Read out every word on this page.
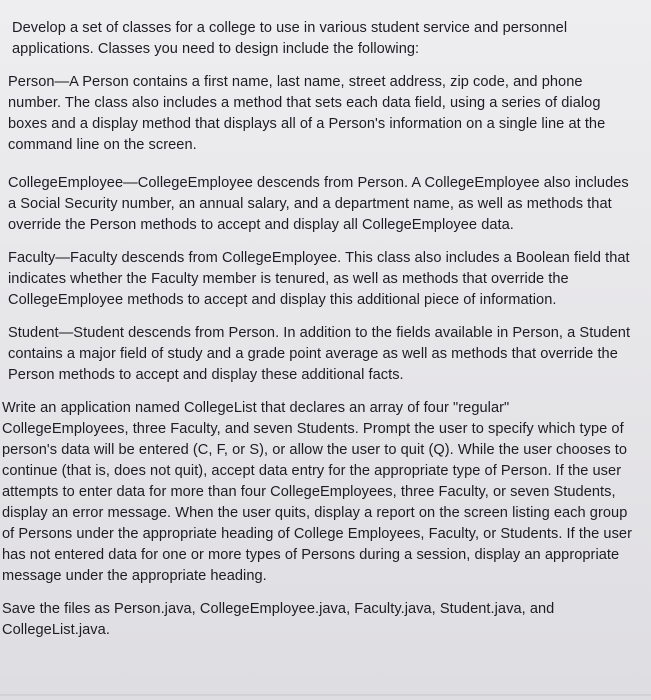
Develop a set of classes for a college to use in various student service and personnel applications. Classes you need to design include the following:

Person—A Person contains a first name, last name, street address, zip code, and phone number. The class also includes a method that sets each data field, using a series of dialog boxes and a display method that displays all of a Person's information on a single line at the command line on the screen.

CollegeEmployee—CollegeEmployee descends from Person. A CollegeEmployee also includes a Social Security number, an annual salary, and a department name, as well as methods that override the Person methods to accept and display all CollegeEmployee data.

Faculty—Faculty descends from CollegeEmployee. This class also includes a Boolean field that indicates whether the Faculty member is tenured, as well as methods that override the CollegeEmployee methods to accept and display this additional piece of information.

Student—Student descends from Person. In addition to the fields available in Person, a Student contains a major field of study and a grade point average as well as methods that override the Person methods to accept and display these additional facts.

Write an application named CollegeList that declares an array of four "regular" CollegeEmployees, three Faculty, and seven Students. Prompt the user to specify which type of person's data will be entered (C, F, or S), or allow the user to quit (Q). While the user chooses to continue (that is, does not quit), accept data entry for the appropriate type of Person. If the user attempts to enter data for more than four CollegeEmployees, three Faculty, or seven Students, display an error message. When the user quits, display a report on the screen listing each group of Persons under the appropriate heading of College Employees, Faculty, or Students. If the user has not entered data for one or more types of Persons during a session, display an appropriate message under the appropriate heading.

Save the files as Person.java, CollegeEmployee.java, Faculty.java, Student.java, and CollegeList.java.
